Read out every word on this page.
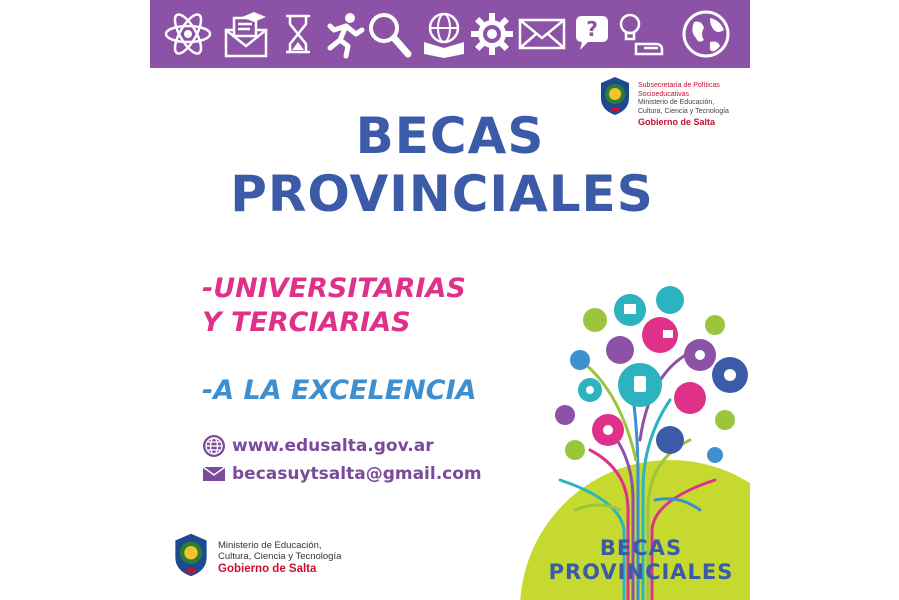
?
Subsecretaría de Políticas
Socioeducativas
Ministerio de Educación,
Cultura, Ciencia y Tecnología
Gobierno de Salta
BECAS
PROVINCIALES
-UNIVERSITARIAS
Y TERCIARIAS
-A LA EXCELENCIA
www.edusalta.gov.ar
becasuytsalta@gmail.com
BECAS
PROVINCIALES
Ministerio de Educación,
Cultura, Ciencia y Tecnología
Gobierno de Salta
